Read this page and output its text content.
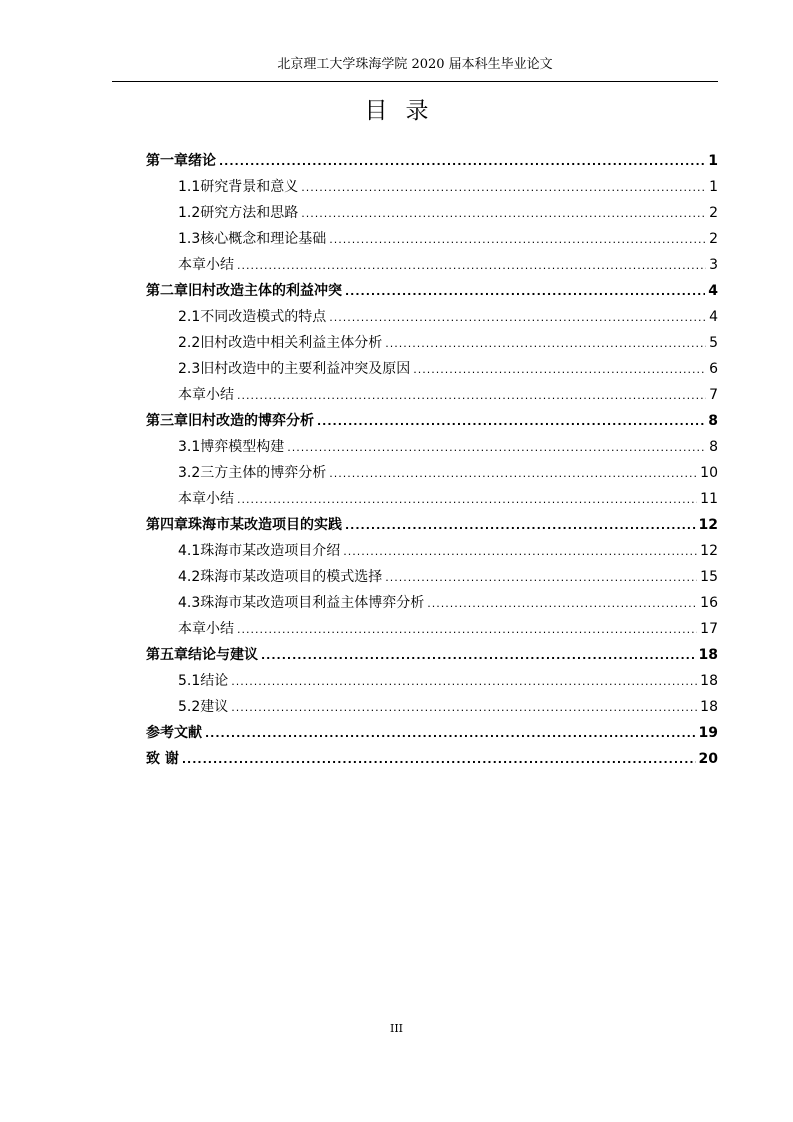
北京理工大学珠海学院 2020 届本科生毕业论文
目录
第一章 绪论 .....	1
1.1 研究背景和意义 .....	1
1.2 研究方法和思路 .....	2
1.3 核心概念和理论基础 .....	2
本章小结 .....	3
第二章 旧村改造主体的利益冲突 .....	4
2.1 不同改造模式的特点 .....	4
2.2 旧村改造中相关利益主体分析 .....	5
2.3 旧村改造中的主要利益冲突及原因 .....	6
本章小结 .....	7
第三章 旧村改造的博弈分析 .....	8
3.1 博弈模型构建 .....	8
3.2 三方主体的博弈分析 .....	10
本章小结 .....	11
第四章 珠海市某改造项目的实践 .....	12
4.1 珠海市某改造项目介绍 .....	12
4.2 珠海市某改造项目的模式选择 .....	15
4.3 珠海市某改造项目利益主体博弈分析 .....	16
本章小结 .....	17
第五章 结论与建议 .....	18
5.1 结论 .....	18
5.2 建议 .....	18
参考文献 .....	19
致 谢 .....	20
III
